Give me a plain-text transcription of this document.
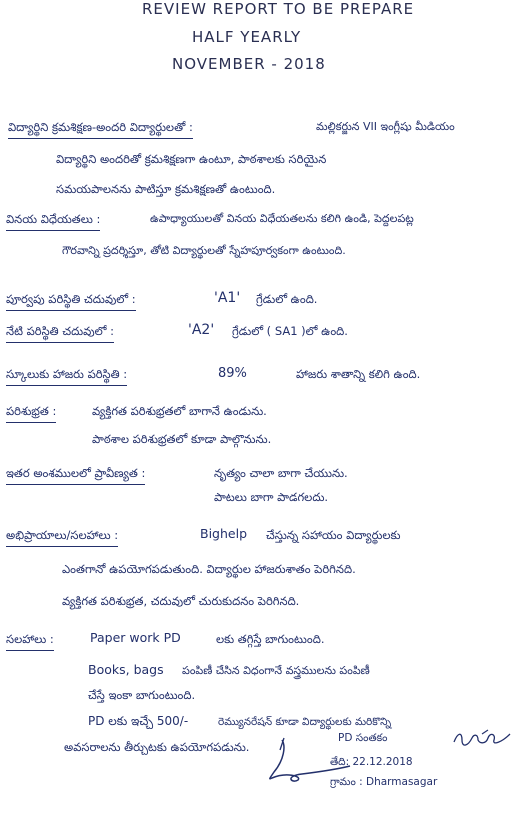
REVIEW REPORT TO BE PREPARE
HALF YEARLY
NOVEMBER - 2018
విద్యార్థిని క్రమశిక్షణ-అందరి విద్యార్థులతో :	మల్లికర్జున VII ఇంగ్లీషు మీడియం
విద్యార్థిని అందరితో క్రమశిక్షణగా ఉంటూ, పాఠశాలకు సరియైన
సమయపాలనను పాటిస్తూ క్రమశిక్షణతో ఉంటుంది.
వినయ విధేయతలు :	ఉపాధ్యాయులతో వినయ విధేయతలను కలిగి ఉండి, పెద్దలపట్ల
గౌరవాన్ని ప్రదర్శిస్తూ, తోటి విద్యార్థులతో స్నేహపూర్వకంగా ఉంటుంది.
పూర్వపు పరిస్థితి చదువులో :	'A1' గ్రేడులో ఉంది.
నేటి పరిస్థితి చదువులో :	'A2' గ్రేడులో ( SA1 )లో ఉంది.
స్కూలుకు హాజరు పరిస్థితి :	89%	హాజరు శాతాన్ని కలిగి ఉంది.
పరిశుభ్రత :	వ్యక్తిగత పరిశుభ్రతలో బాగానే ఉండును.
పాఠశాల పరిశుభ్రతలో కూడా పాల్గొనును.
ఇతర అంశములలో ప్రావీణ్యత :	నృత్యం చాలా బాగా చేయును.
పాటలు బాగా పాడగలదు.
అభిప్రాయాలు/సలహాలు :	Bighelp చేస్తున్న సహాయం విద్యార్థులకు
ఎంతగానో ఉపయోగపడుతుంది. విద్యార్థుల హాజరుశాతం పెరిగినది.
వ్యక్తిగత పరిశుభ్రత, చదువులో చురుకుదనం పెరిగినది.
సలహాలు :	Paper work PD	లకు తగ్గిస్తే బాగుంటుంది.
Books, bags పంపిణీ చేసిన విధంగానే వస్త్రములను పంపిణీ
చేస్తే ఇంకా బాగుంటుంది.
PD లకు ఇచ్చే 500/-	రెమ్యునరేషన్ కూడా విద్యార్థులకు మరికొన్ని
అవసరాలను తీర్చుటకు ఉపయోగపడును.
PD సంతకం
తేది: 22.12.2018
గ్రామం : Dharmasagar
